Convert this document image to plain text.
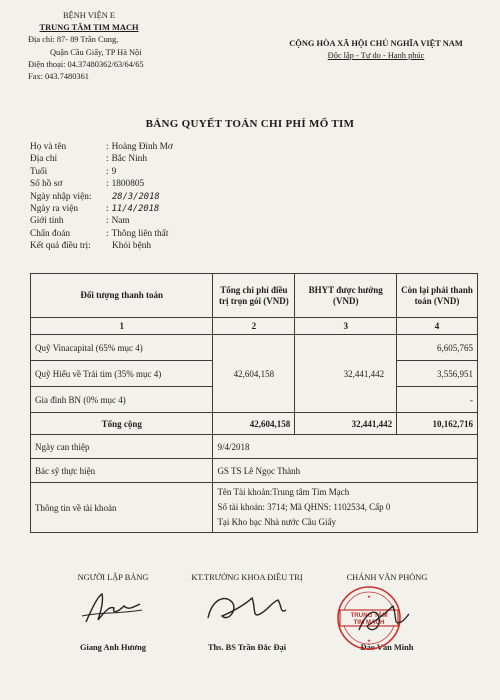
BỆNH VIỆN E
TRUNG TÂM TIM MẠCH
Địa chỉ: 87- 89 Trần Cung,
Quận Cầu Giấy, TP Hà Nội
Điện thoại: 04.37480362/63/64/65
Fax: 043.7480361
CỘNG HÒA XÃ HỘI CHỦ NGHĨA VIỆT NAM
Độc lập - Tự do - Hạnh phúc
BẢNG QUYẾT TOÁN CHI PHÍ MỔ TIM
Họ và tên	: Hoàng Đình Mơ
Địa chỉ	: Bắc Ninh
Tuổi	: 9
Số hồ sơ	: 1800805
Ngày nhập viện: 28/3/2018
Ngày ra viện	: 11/4/2018
Giới tính	: Nam
Chẩn đoán	: Thông liên thất
Kết quả điều trị: Khỏi bệnh
Đối tượng thanh toán	Tổng chi phí điều trị trọn gói (VND)	BHYT được hưởng (VND)	Còn lại phải thanh toán (VND)
1	2	3	4
Quỹ Vinacapital (65% mục 4)	42,604,158	32,441,442	6,605,765
Quỹ Hiểu về Trái tim (35% mục 4)			3,556,951
Gia đình BN (0% mục 4)			-
Tổng cộng	42,604,158	32,441,442	10,162,716
Ngày can thiệp	9/4/2018		
Bác sỹ thực hiện	GS TS Lê Ngọc Thành		
Thông tin về tài khoản	Tên Tài khoản:Trung tâm Tim Mạch
Số tài khoản: 3714; Mã QHNS: 1102534, Cấp 0
Tại Kho bạc Nhà nước Cầu Giấy		
NGƯỜI LẬP BẢNG
Giang Anh Hương
KT.TRƯỞNG KHOA ĐIỀU TRỊ
Ths. BS Trần Đắc Đại
CHÁNH VĂN PHÒNG
Đào Văn Minh
TRUNG TÂM
TIM MẠCH
★
★
